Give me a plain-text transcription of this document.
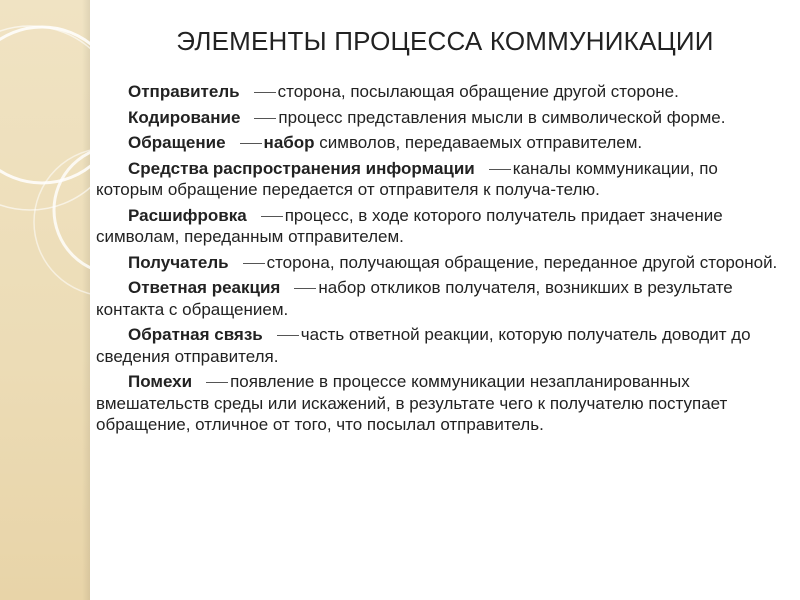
ЭЛЕМЕНТЫ ПРОЦЕССА КОММУНИКАЦИИ
Отправитель сторона, посылающая обращение другой стороне.
Кодирование процесс представления мысли в символической форме.
Обращение набор символов, передаваемых отправителем.
Средства распространения информации каналы коммуникации, по которым обращение передается от отправителя к получа-телю.
Расшифровка процесс, в ходе которого получатель придает значение символам, переданным отправителем.
Получатель сторона, получающая обращение, переданное другой стороной.
Ответная реакция набор откликов получателя, возникших в результате контакта с обращением.
Обратная связь часть ответной реакции, которую получатель доводит до сведения отправителя.
Помехи появление в процессе коммуникации незапланированных вмешательств среды или искажений, в результате чего к получателю поступает обращение, отличное от того, что посылал отправитель.
